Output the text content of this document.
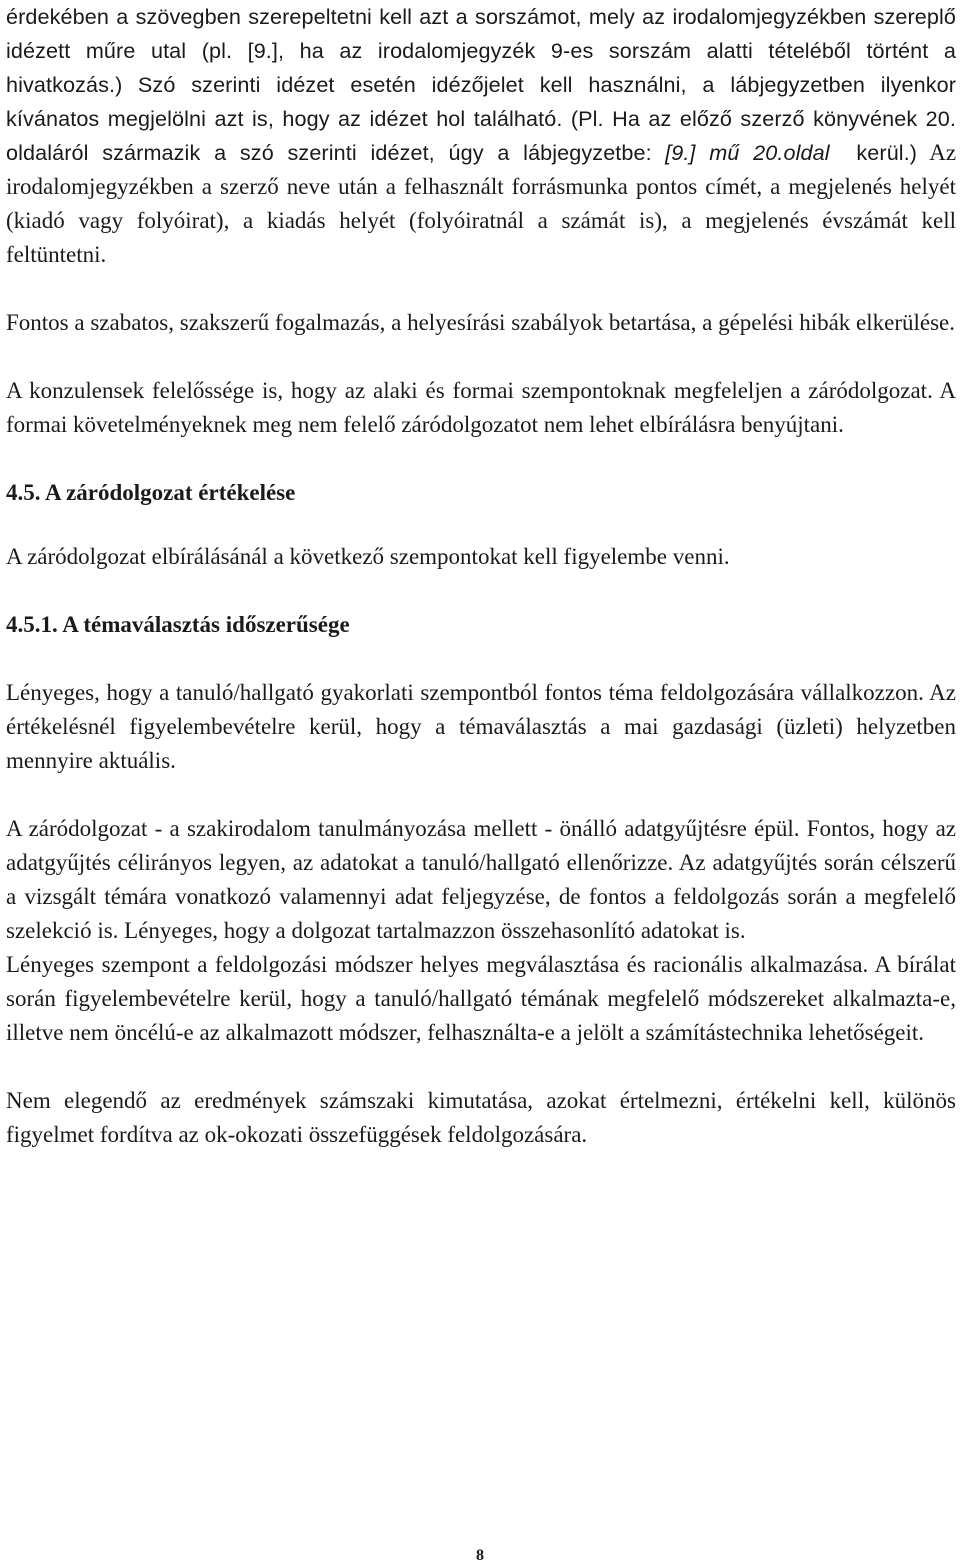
érdekében a szövegben szerepeltetni kell azt a sorszámot, mely az irodalomjegyzékben szereplő idézett műre utal (pl. [9.], ha az irodalomjegyzék 9-es sorszám alatti tételéből történt a hivatkozás.) Szó szerinti idézet esetén idézőjelet kell használni, a lábjegyzetben ilyenkor kívánatos megjelölni azt is, hogy az idézet hol található. (Pl. Ha az előző szerző könyvének 20. oldaláról származik a szó szerinti idézet, úgy a lábjegyzetbe: [9.] mű 20.oldal kerül.) Az irodalomjegyzékben a szerző neve után a felhasznált forrásmunka pontos címét, a megjelenés helyét (kiadó vagy folyóirat), a kiadás helyét (folyóiratnál a számát is), a megjelenés évszámát kell feltüntetni.

Fontos a szabatos, szakszerű fogalmazás, a helyesírási szabályok betartása, a gépelési hibák elkerülése.

A konzulensek felelőssége is, hogy az alaki és formai szempontoknak megfeleljen a záródolgozat. A formai követelményeknek meg nem felelő záródolgozatot nem lehet elbírálásra benyújtani.

4.5. A záródolgozat értékelése

A záródolgozat elbírálásánál a következő szempontokat kell figyelembe venni.

4.5.1. A témaválasztás időszerűsége

Lényeges, hogy a tanuló/hallgató gyakorlati szempontból fontos téma feldolgozására vállalkozzon. Az értékelésnél figyelembevételre kerül, hogy a témaválasztás a mai gazdasági (üzleti) helyzetben mennyire aktuális.

A záródolgozat - a szakirodalom tanulmányozása mellett - önálló adatgyűjtésre épül. Fontos, hogy az adatgyűjtés célirányos legyen, az adatokat a tanuló/hallgató ellenőrizze. Az adatgyűjtés során célszerű a vizsgált témára vonatkozó valamennyi adat feljegyzése, de fontos a feldolgozás során a megfelelő szelekció is. Lényeges, hogy a dolgozat tartalmazzon összehasonlító adatokat is.

Lényeges szempont a feldolgozási módszer helyes megválasztása és racionális alkalmazása. A bírálat során figyelembevételre kerül, hogy a tanuló/hallgató témának megfelelő módszereket alkalmazta-e, illetve nem öncélú-e az alkalmazott módszer, felhasználta-e a jelölt a számítástechnika lehetőségeit.

Nem elegendő az eredmények számszaki kimutatása, azokat értelmezni, értékelni kell, különös figyelmet fordítva az ok-okozati összefüggések feldolgozására.

8
